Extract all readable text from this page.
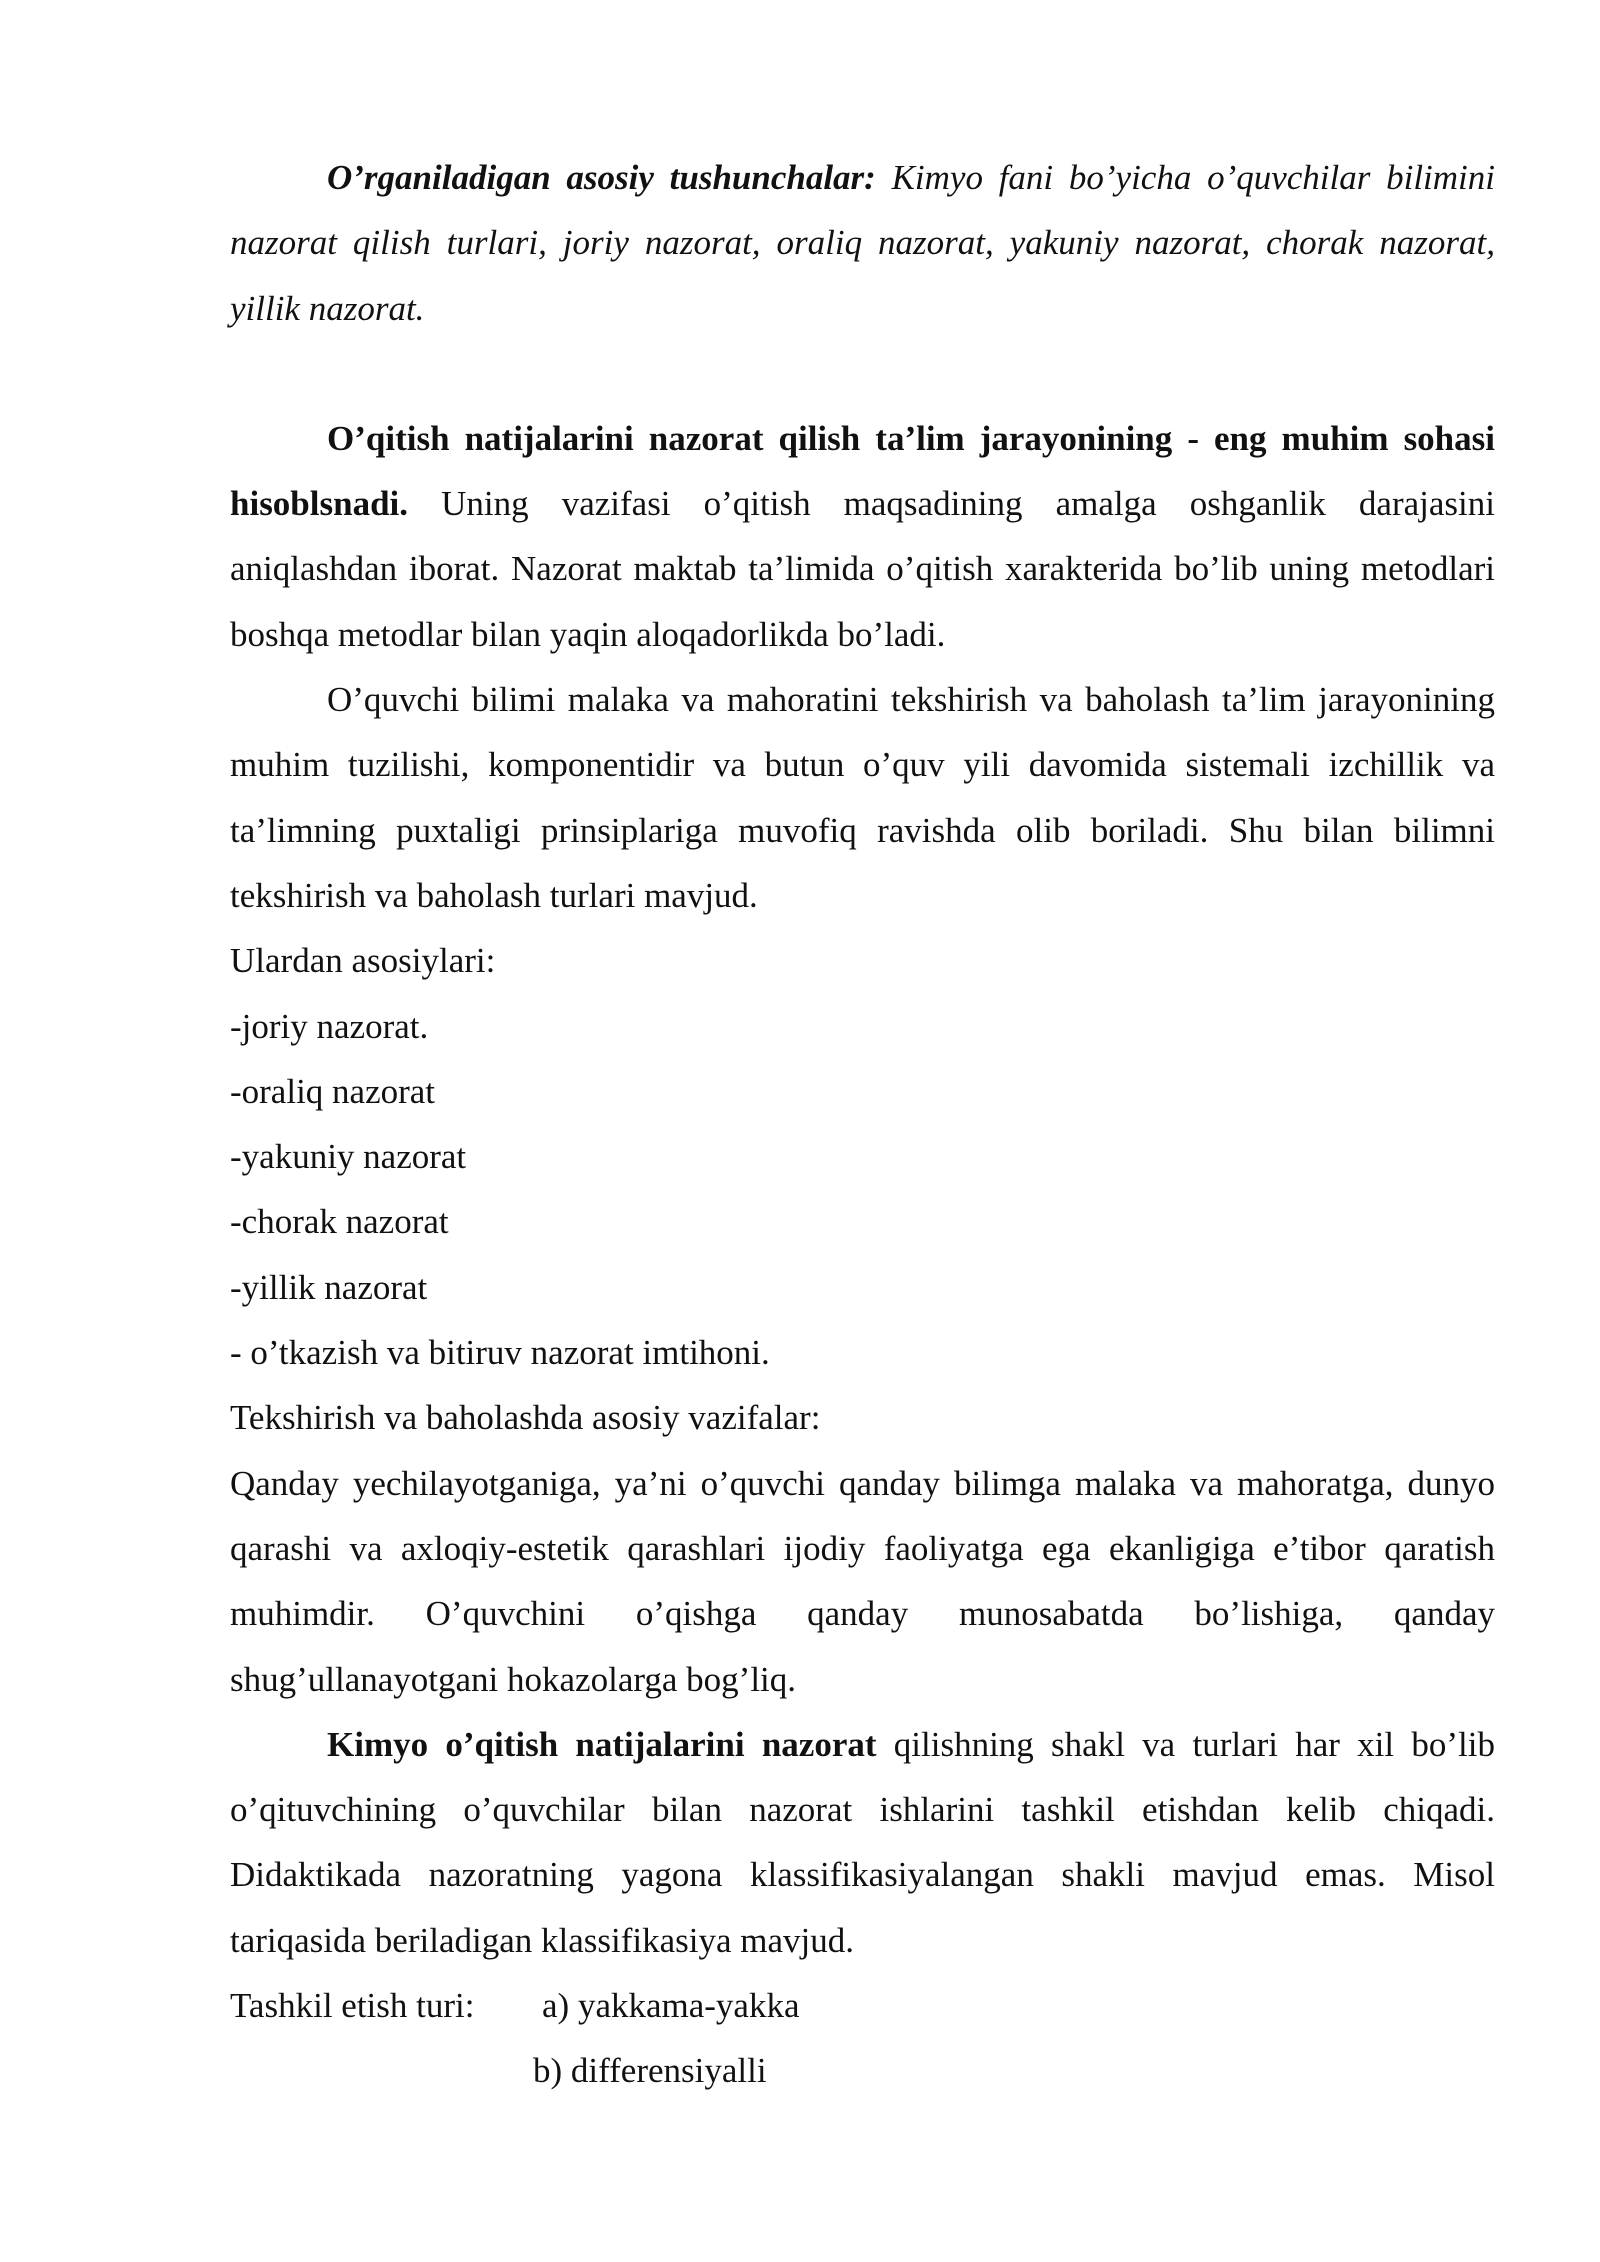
O’rganiladigan asosiy tushunchalar: Kimyo fani bo’yicha o’quvchilar bilimini nazorat qilish turlari, joriy nazorat, oraliq nazorat, yakuniy nazorat, chorak nazorat, yillik nazorat.

O’qitish natijalarini nazorat qilish ta’lim jarayonining - eng muhim sohasi hisoblsnadi. Uning vazifasi o’qitish maqsadining amalga oshganlik darajasini aniqlashdan iborat. Nazorat maktab ta’limida o’qitish xarakterida bo’lib uning metodlari boshqa metodlar bilan yaqin aloqadorlikda bo’ladi.

O’quvchi bilimi malaka va mahoratini tekshirish va baholash ta’lim jarayonining muhim tuzilishi, komponentidir va butun o’quv yili davomida sistemali izchillik va ta’limning puxtaligi prinsiplariga muvofiq ravishda olib boriladi. Shu bilan bilimni tekshirish va baholash turlari mavjud.

Ulardan asosiylari:

-joriy nazorat.

-oraliq nazorat

-yakuniy nazorat

-chorak nazorat

-yillik nazorat

- o’tkazish va bitiruv nazorat imtihoni.

Tekshirish va baholashda asosiy vazifalar:

Qanday yechilayotganiga, ya’ni o’quvchi qanday bilimga malaka va mahoratga, dunyo qarashi va axloqiy-estetik qarashlari ijodiy faoliyatga ega ekanligiga e’tibor qaratish muhimdir. O’quvchini o’qishga qanday munosabatda bo’lishiga, qanday shug’ullanayotgani hokazolarga bog’liq.

Kimyo o’qitish natijalarini nazorat qilishning shakl va turlari har xil bo’lib o’qituvchining o’quvchilar bilan nazorat ishlarini tashkil etishdan kelib chiqadi. Didaktikada nazoratning yagona klassifikasiyalangan shakli mavjud emas. Misol tariqasida beriladigan klassifikasiya mavjud.

Tashkil etish turi: a) yakkama-yakka
b) differensiyalli
